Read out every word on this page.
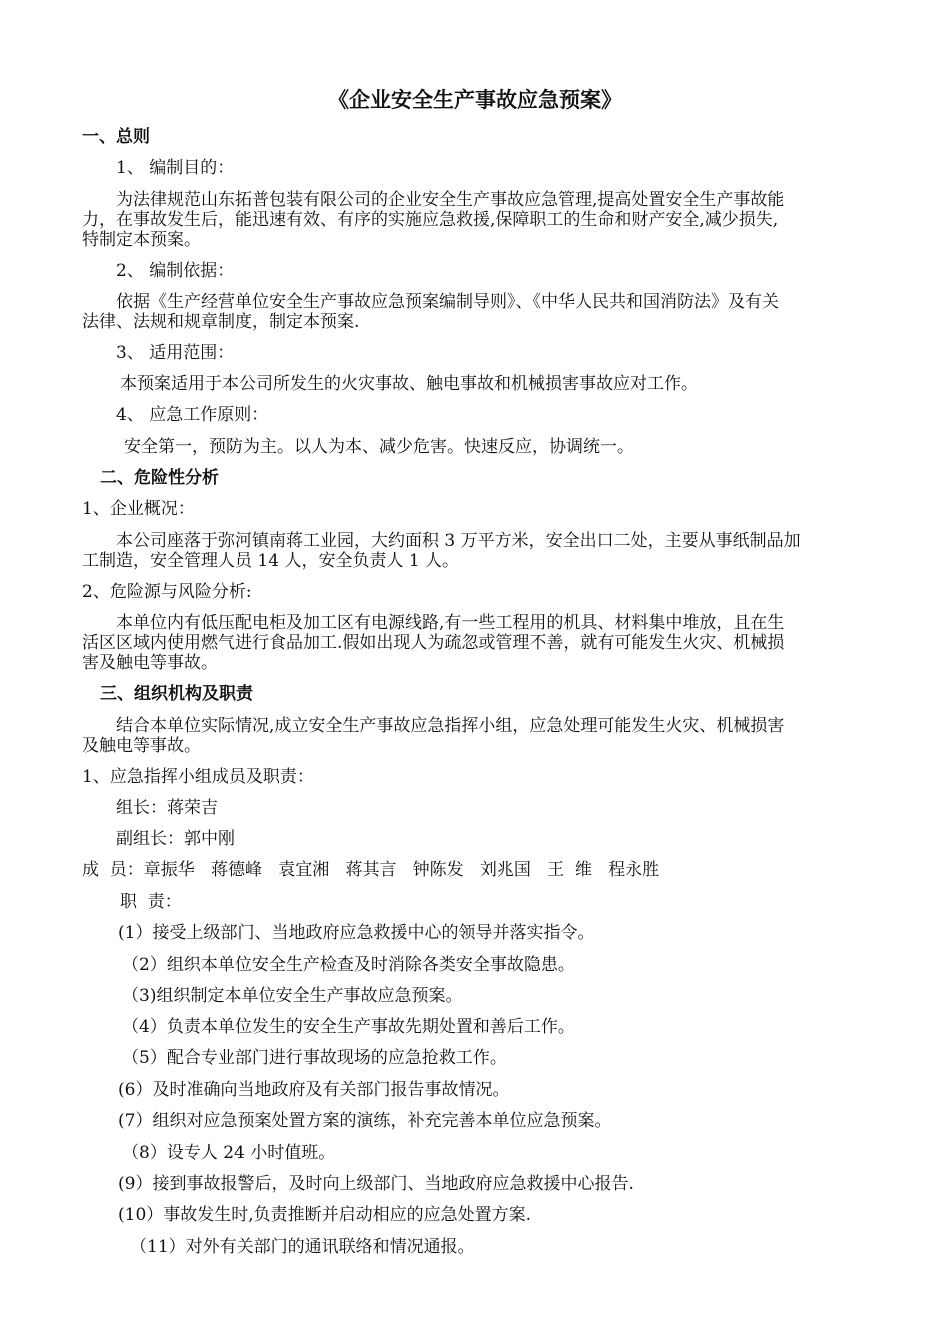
《企业安全生产事故应急预案》
一、总则
1、 编制目的：
为法律规范山东拓普包装有限公司的企业安全生产事故应急管理,提高处置安全生产事故能
力，在事故发生后，能迅速有效、有序的实施应急救援,保障职工的生命和财产安全,减少损失,
特制定本预案。
2、 编制依据：
依据《生产经营单位安全生产事故应急预案编制导则》、《中华人民共和国消防法》及有关
法律、法规和规章制度，制定本预案.
3、 适用范围：
本预案适用于本公司所发生的火灾事故、触电事故和机械损害事故应对工作。
4、 应急工作原则：
安全第一，预防为主。以人为本、减少危害。快速反应，协调统一。
二、危险性分析
1、企业概况：
本公司座落于弥河镇南蒋工业园，大约面积 3 万平方米，安全出口二处，主要从事纸制品加
工制造，安全管理人员 14 人，安全负责人 1 人。
2、危险源与风险分析:
本单位内有低压配电柜及加工区有电源线路,有一些工程用的机具、材料集中堆放，且在生
活区区域内使用燃气进行食品加工.假如出现人为疏忽或管理不善，就有可能发生火灾、机械损
害及触电等事故。
三、组织机构及职责
结合本单位实际情况,成立安全生产事故应急指挥小组，应急处理可能发生火灾、机械损害
及触电等事故。
1、应急指挥小组成员及职责：
组长：蒋荣吉
副组长：郭中刚
成  员：章振华   蒋德峰   袁宜湘   蒋其言   钟陈发   刘兆国   王  维   程永胜
职  责：
(1）接受上级部门、当地政府应急救援中心的领导并落实指令。
（2）组织本单位安全生产检查及时消除各类安全事故隐患。
（3)组织制定本单位安全生产事故应急预案。
（4）负责本单位发生的安全生产事故先期处置和善后工作。
（5）配合专业部门进行事故现场的应急抢救工作。
(6）及时准确向当地政府及有关部门报告事故情况。
(7）组织对应急预案处置方案的演练，补充完善本单位应急预案。
（8）设专人 24 小时值班。
(9）接到事故报警后，及时向上级部门、当地政府应急救援中心报告.
(10）事故发生时,负责推断并启动相应的应急处置方案.
（11）对外有关部门的通讯联络和情况通报。
